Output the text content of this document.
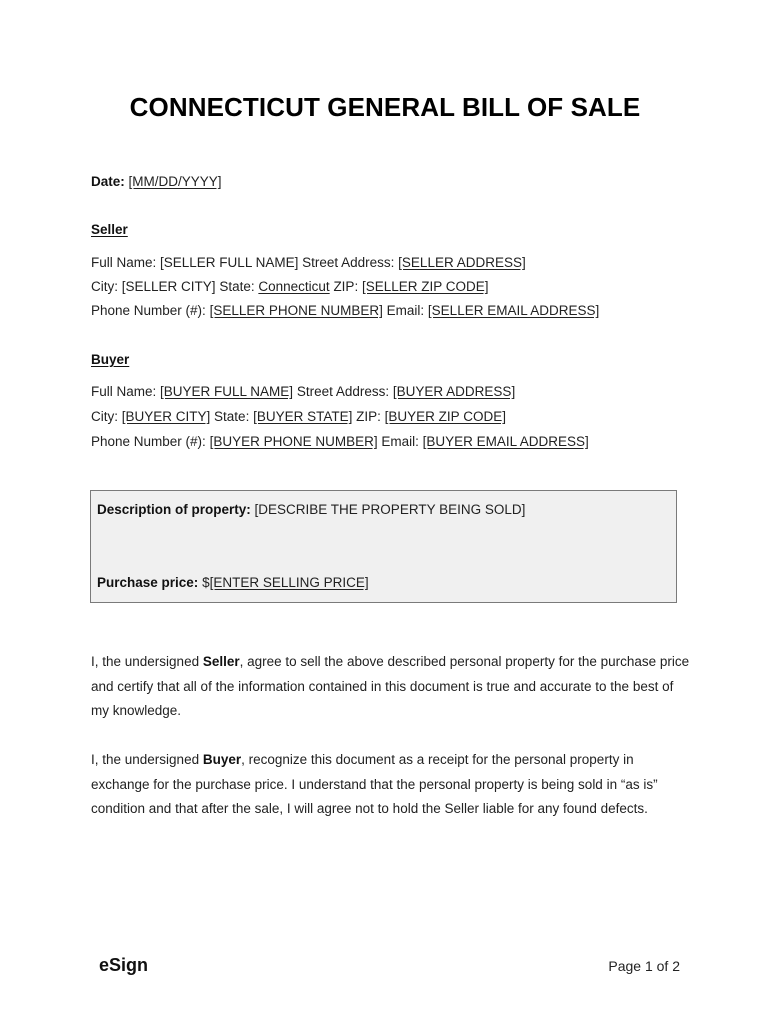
CONNECTICUT GENERAL BILL OF SALE
Date: [MM/DD/YYYY]
Seller
Full Name: [SELLER FULL NAME] Street Address: [SELLER ADDRESS]
City: [SELLER CITY] State: Connecticut ZIP: [SELLER ZIP CODE]
Phone Number (#): [SELLER PHONE NUMBER] Email: [SELLER EMAIL ADDRESS]
Buyer
Full Name: [BUYER FULL NAME] Street Address: [BUYER ADDRESS]
City: [BUYER CITY] State: [BUYER STATE] ZIP: [BUYER ZIP CODE]
Phone Number (#): [BUYER PHONE NUMBER] Email: [BUYER EMAIL ADDRESS]
Description of property: [DESCRIBE THE PROPERTY BEING SOLD]
Purchase price: $[ENTER SELLING PRICE]
I, the undersigned Seller, agree to sell the above described personal property for the purchase price and certify that all of the information contained in this document is true and accurate to the best of my knowledge.
I, the undersigned Buyer, recognize this document as a receipt for the personal property in exchange for the purchase price. I understand that the personal property is being sold in “as is” condition and that after the sale, I will agree not to hold the Seller liable for any found defects.
eSign	Page 1 of 2
